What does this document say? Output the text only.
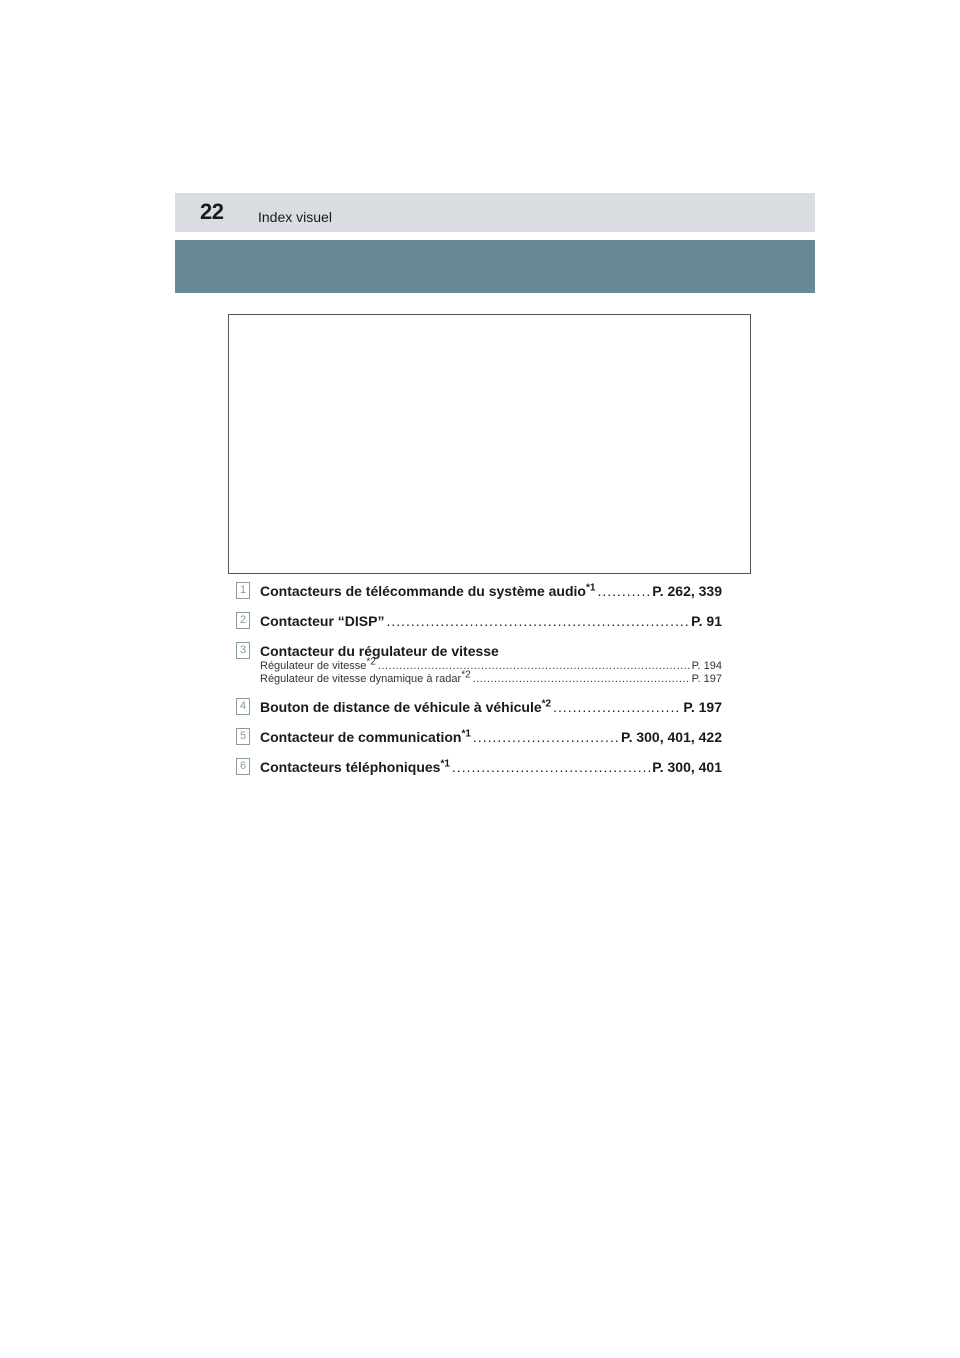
22 Index visuel
1 Contacteurs de télécommande du système audio$^{*1}$ .....	P. 262, 339
2 Contacteur “DISP” .....	P. 91
3 Contacteur du régulateur de vitesse
Régulateur de vitesse$^{*2}$ .....	P. 194
Régulateur de vitesse dynamique à radar$^{*2}$ .....	P. 197
4 Bouton de distance de véhicule à véhicule$^{*2}$ .....	P. 197
5 Contacteur de communication$^{*1}$ .....	P. 300, 401, 422
6 Contacteurs téléphoniques$^{*1}$ .....	P. 300, 401
